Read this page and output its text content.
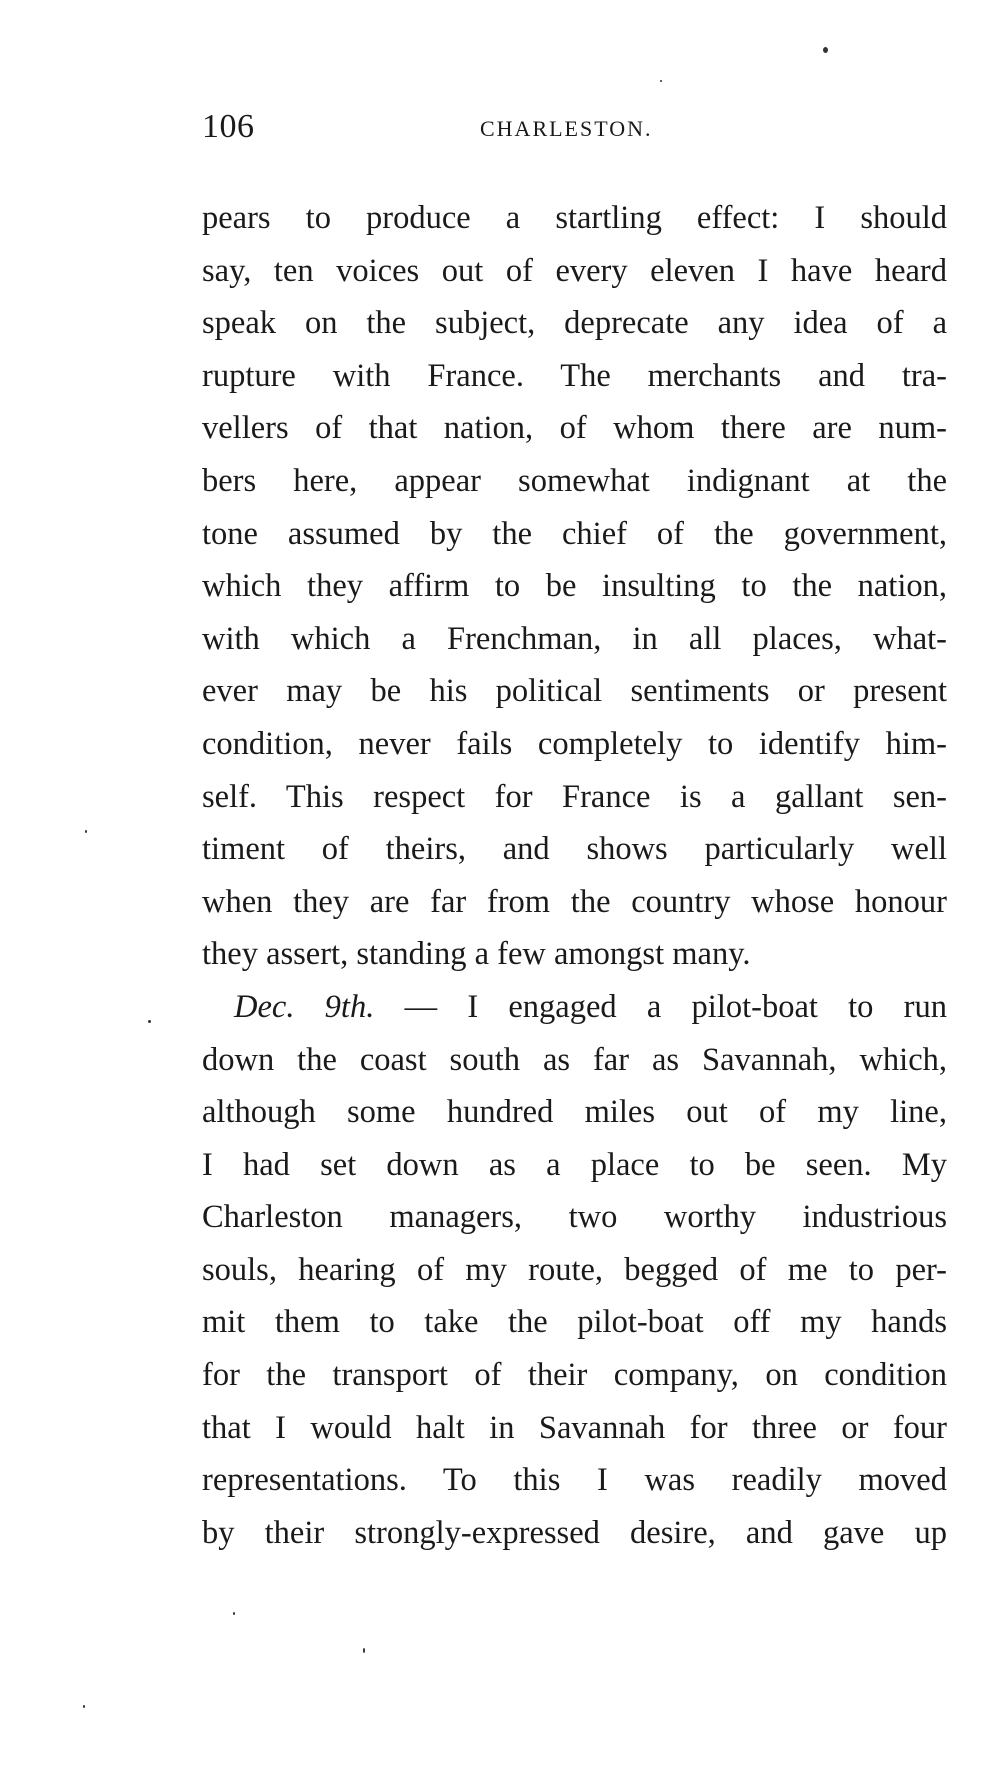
106	CHARLESTON.
pears to produce a startling effect: I should
say, ten voices out of every eleven I have heard
speak on the subject, deprecate any idea of a
rupture with France. The merchants and tra-
vellers of that nation, of whom there are num-
bers here, appear somewhat indignant at the
tone assumed by the chief of the government,
which they affirm to be insulting to the nation,
with which a Frenchman, in all places, what-
ever may be his political sentiments or present
condition, never fails completely to identify him-
self. This respect for France is a gallant sen-
timent of theirs, and shows particularly well
when they are far from the country whose honour
they assert, standing a few amongst many.
Dec. 9th. — I engaged a pilot-boat to run
down the coast south as far as Savannah, which,
although some hundred miles out of my line,
I had set down as a place to be seen. My
Charleston managers, two worthy industrious
souls, hearing of my route, begged of me to per-
mit them to take the pilot-boat off my hands
for the transport of their company, on condition
that I would halt in Savannah for three or four
representations. To this I was readily moved
by their strongly-expressed desire, and gave up
